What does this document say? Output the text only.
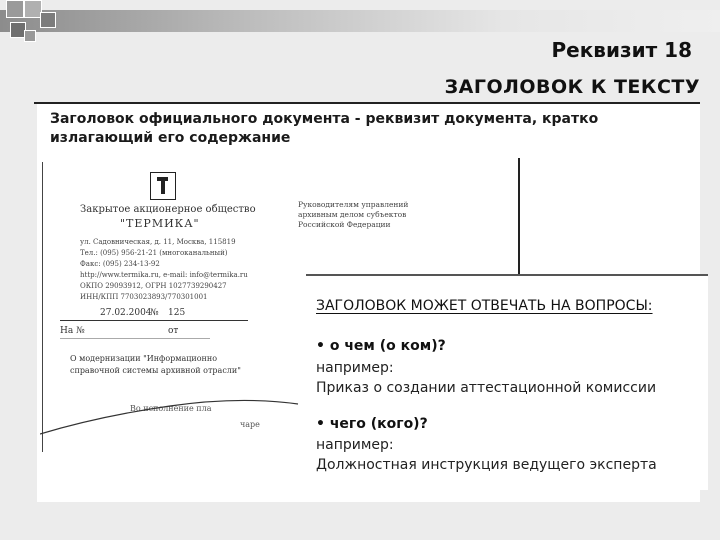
Реквизит 18
ЗАГОЛОВОК К ТЕКСТУ
Заголовок официального документа - реквизит документа, кратко излагающий его содержание
Закрытое акционерное общество
"ТЕРМИКА"
ул. Садовническая, д. 11, Москва, 115819
Тел.: (095) 956-21-21 (многоканальный)
Факс: (095) 234-13-92
http://www.termika.ru, e-mail: info@termika.ru
ОКПО 29093912, ОГРН 1027739290427
ИНН/КПП 7703023893/770301001
Руководителям управлений архивным делом субъектов Российской Федерации
27.02.2004
№ 125
На №	от
О модернизации "Информационно
справочной системы архивной отрасли"
Во исполнение пла
чаре
ЗАГОЛОВОК МОЖЕТ ОТВЕЧАТЬ НА ВОПРОСЫ:
• о чем (о ком)?
например:
Приказ о создании аттестационной комиссии
• чего (кого)?
например:
Должностная инструкция ведущего эксперта
